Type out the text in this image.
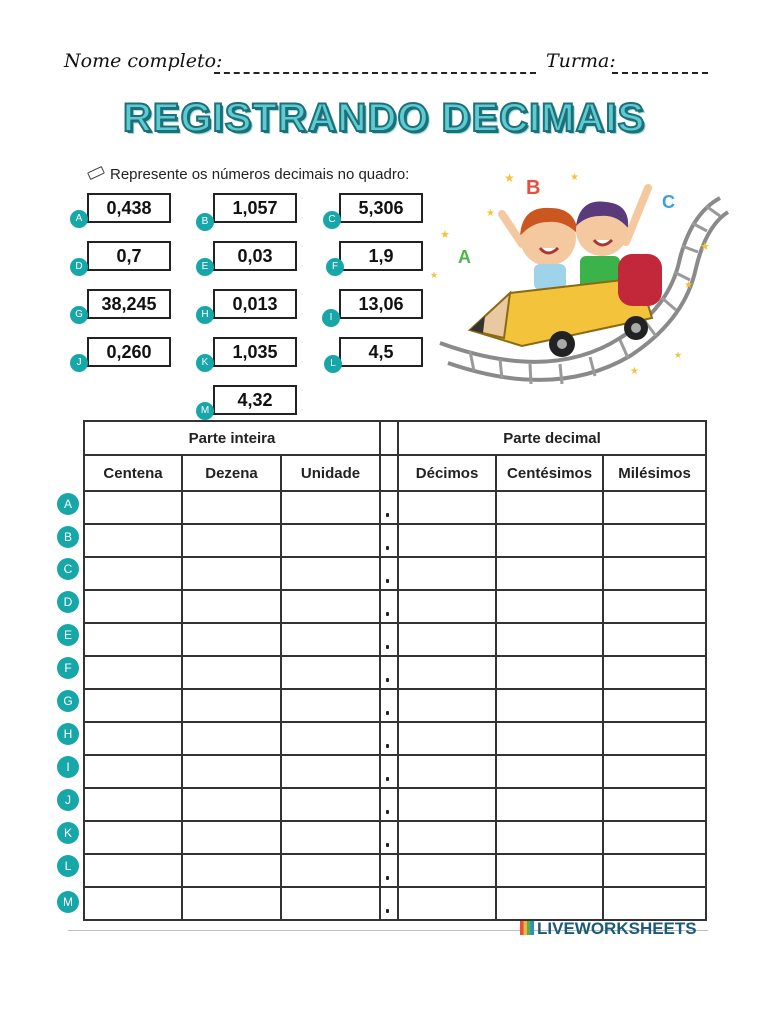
Nome completo:	Turma:
REGISTRANDO DECIMAIS
Represente os números decimais no quadro:
0,438
A
1,057
B
5,306
C
0,7
D
0,03
E
1,9
F
38,245
G
0,013
H
13,06
I
0,260
J
1,035
K
4,5
L
4,32
M
B
A
C
★	★
★
★
★
★
★
★
★
Parte inteira				Parte decimal		
Centena	Dezena	Unidade		Décimos	Centésimos	Milésimos

A
B
C
D
E
F
G
H
I
J
K
L
M
LIVEWORKSHEETS
